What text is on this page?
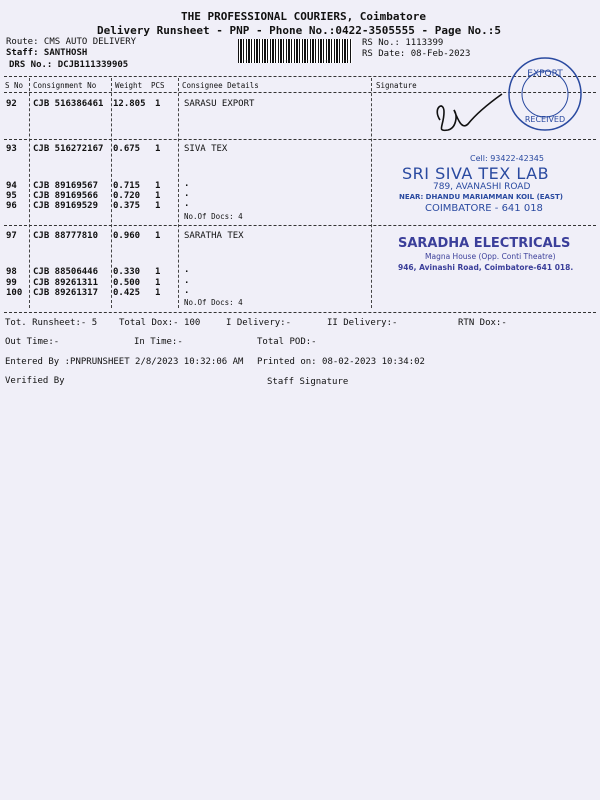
THE PROFESSIONAL COURIERS, Coimbatore
Delivery Runsheet - PNP - Phone No.:0422-3505555 - Page No.:5
Route: CMS AUTO DELIVERY
Staff: SANTHOSH
DRS No.: DCJB111339905
RS No.: 1113399
RS Date: 08-Feb-2023
S No Consignment No	Weight PCS Consignee Details	Signature
92 CJB 516386461 12.805 1	SARASU EXPORT
93 CJB 516272167 0.675 1	SIVA TEX
94 CJB 89169567 0.715 1	.
95 CJB 89169566 0.720 1	.
96 CJB 89169529 0.375 1	.
No.Of Docs: 4
97 CJB 88777810 0.960 1	SARATHA TEX
98 CJB 88506446 0.330 1	.
99 CJB 89261311 0.500 1	.
100 CJB 89261317 0.425 1	.
No.Of Docs: 4
Tot. Runsheet:- 5 Total Dox:- 100	I Delivery:-	II Delivery:-	RTN Dox:-
Out Time:-	In Time:-	Total POD:-
Entered By :PNPRUNSHEET 2/8/2023 10:32:06 AM Printed on: 08-02-2023 10:34:02
Verified By	Staff Signature
EXPORT
RECEIVED
Cell: 93422-42345
SRI SIVA TEX LAB
789, AVANASHI ROAD
NEAR: DHANDU MARIAMMAN KOIL (EAST)
COIMBATORE - 641 018
SARADHA ELECTRICALS
Magna House (Opp. Conti Theatre)
946, Avinashi Road, Coimbatore-641 018.
